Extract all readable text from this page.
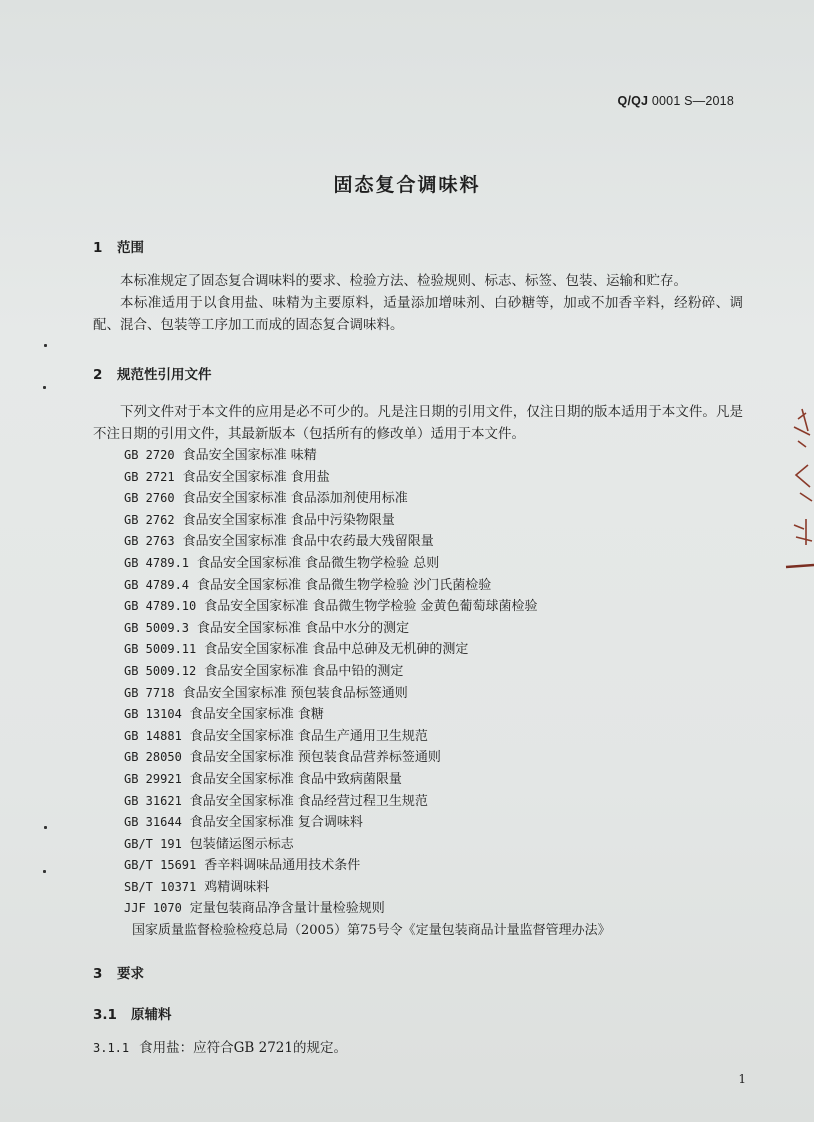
Q/QJ 0001 S—2018
固态复合调味料
1 范围
本标准规定了固态复合调味料的要求、检验方法、检验规则、标志、标签、包装、运输和贮存。
本标准适用于以食用盐、味精为主要原料，适量添加增味剂、白砂糖等，加或不加香辛料，经粉碎、调配、混合、包装等工序加工而成的固态复合调味料。
2 规范性引用文件
下列文件对于本文件的应用是必不可少的。凡是注日期的引用文件，仅注日期的版本适用于本文件。凡是不注日期的引用文件，其最新版本（包括所有的修改单）适用于本文件。
GB 2720 食品安全国家标准 味精
GB 2721 食品安全国家标准 食用盐
GB 2760 食品安全国家标准 食品添加剂使用标准
GB 2762 食品安全国家标准 食品中污染物限量
GB 2763 食品安全国家标准 食品中农药最大残留限量
GB 4789.1 食品安全国家标准 食品微生物学检验 总则
GB 4789.4 食品安全国家标准 食品微生物学检验 沙门氏菌检验
GB 4789.10 食品安全国家标准 食品微生物学检验 金黄色葡萄球菌检验
GB 5009.3 食品安全国家标准 食品中水分的测定
GB 5009.11 食品安全国家标准 食品中总砷及无机砷的测定
GB 5009.12 食品安全国家标准 食品中铅的测定
GB 7718 食品安全国家标准 预包装食品标签通则
GB 13104 食品安全国家标准 食糖
GB 14881 食品安全国家标准 食品生产通用卫生规范
GB 28050 食品安全国家标准 预包装食品营养标签通则
GB 29921 食品安全国家标准 食品中致病菌限量
GB 31621 食品安全国家标准 食品经营过程卫生规范
GB 31644 食品安全国家标准 复合调味料
GB/T 191 包装储运图示标志
GB/T 15691 香辛料调味品通用技术条件
SB/T 10371 鸡精调味料
JJF 1070 定量包装商品净含量计量检验规则
国家质量监督检验检疫总局（2005）第75号令《定量包装商品计量监督管理办法》
3 要求
3.1 原辅料
3.1.1 食用盐：应符合GB 2721的规定。
1
